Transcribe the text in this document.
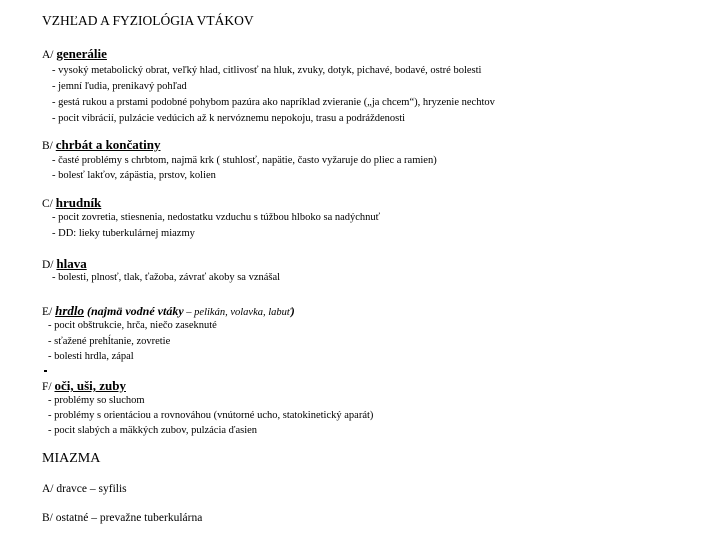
VZHĽAD A FYZIOLÓGIA VTÁKOV
A/ generálie
- vysoký metabolický obrat, veľký hlad, citlivosť na hluk, zvuky, dotyk, pichavé, bodavé, ostré bolesti
- jemní ľudia, prenikavý pohľad
- gestá rukou a prstami podobné pohybom pazúra ako napríklad zvieranie („ja chcem“), hryzenie nechtov
- pocit vibrácií, pulzácie vedúcich až k nervóznemu nepokoju, trasu a podráždenosti
B/ chrbát a končatiny
- časté problémy s chrbtom, najmä krk ( stuhlosť, napätie, často vyžaruje do pliec a ramien)
- bolesť lakťov, zápästia, prstov, kolien
C/ hrudník
- pocit zovretia, stiesnenia, nedostatku vzduchu s túžbou hlboko sa nadýchnuť
- DD: lieky tuberkulárnej miazmy
D/ hlava
- bolesti, plnosť, tlak, ťažoba, závrať akoby sa vznášal
E/ hrdlo (najmä vodné vtáky – pelikán, volavka, labuť)
- pocit obštrukcie, hrča, niečo zaseknuté
- sťažené prehĺtanie, zovretie
- bolesti hrdla, zápal
F/ oči, uši, zuby
- problémy so sluchom
- problémy s orientáciou a rovnováhou (vnútorné ucho, statokinetický aparát)
- pocit slabých a mäkkých zubov, pulzácia ďasien
MIAZMA
A/ dravce – syfilis
B/ ostatné – prevažne tuberkulárna
